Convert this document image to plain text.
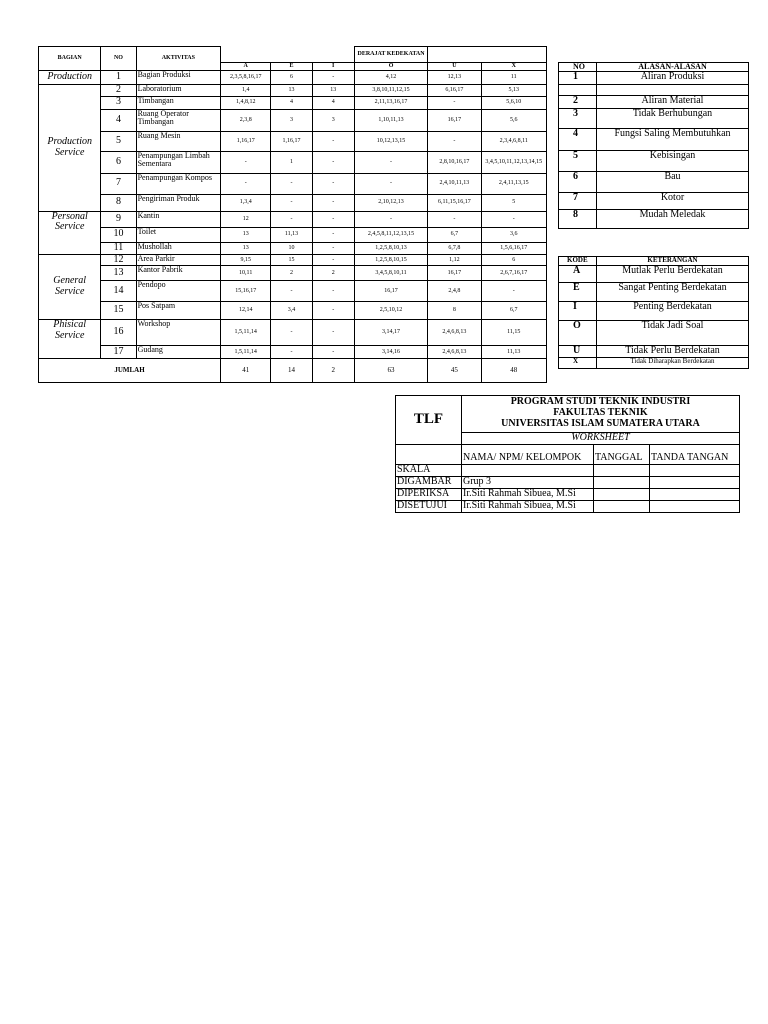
BAGIAN	NO	AKTIVITAS				DERAJAT KEDEKATAN		
			A	E	I	O	U	X
Production	1	Bagian Produksi	2,3,5,8,16,17	6	-	4,12	12,13	11
Production Service	2	Laboratorium	1,4	13	13	3,8,10,11,12,15	6,16,17	5,13
	3	Timbangan	1,4,8,12	4	4	2,11,13,16,17	-	5,6,10
	4	Ruang Operator Timbangan	2,3,8	3	3	1,10,11,13	16,17	5,6
	5	Ruang Mesin	1,16,17	1,16,17	-	10,12,13,15	-	2,3,4,6,8,11
	6	Penampungan Limbah Sementara	-	1	-	-	2,8,10,16,17	3,4,5,10,11,12,13,14,15
	7	Penampungan Kompos	-	-	-	-	2,4,10,11,13	2,4,11,13,15
	8	Pengiriman Produk	1,3,4	-	-	2,10,12,13	6,11,15,16,17	5
Personal Service	9	Kantin	12	-	-	-	-	-
	10	Toilet	13	11,13	-	2,4,5,8,11,12,13,15	6,7	3,6
	11	Mushollah	13	10	-	1,2,5,8,10,13	6,7,8	1,5,6,16,17
General Service	12	Area Parkir	9,15	15	-	1,2,5,8,10,15	1,12	6
	13	Kantor Pabrik	10,11	2	2	3,4,5,8,10,11	16,17	2,6,7,16,17
	14	Pendopo	15,16,17	-	-	16,17	2,4,8	-
	15	Pos Satpam	12,14	3,4	-	2,5,10,12	8	6,7
Phisical Service	16	Workshop	1,5,11,14	-	-	3,14,17	2,4,6,8,13	11,15
	17	Gudang	1,5,11,14	-	-	3,14,16	2,4,6,8,13	11,13
JUMLAH			41	14	2	63	45	48
NO	ALASAN-ALASAN
1	Aliran Produksi

2	Aliran Material
3	Tidak Berhubungan
4	Fungsi Saling Membutuhkan
5	Kebisingan
6	Bau
7	Kotor
8	Mudah Meledak
KODE	KETERANGAN
A	Mutlak Perlu Berdekatan
E	Sangat Penting Berdekatan
I	Penting Berdekatan
O	Tidak Jadi Soal
U	Tidak Perlu Berdekatan
X	Tidak Diharapkan Berdekatan
TLF	PROGRAM STUDI TEKNIK INDUSTRI
FAKULTAS TEKNIK
UNIVERSITAS ISLAM SUMATERA UTARA		

	WORKSHEET		
	NAMA/ NPM/ KELOMPOK	TANGGAL	TANDA TANGAN
SKALA			
DIGAMBAR	Grup 3		
DIPERIKSA	Ir.Siti Rahmah Sibuea, M.Si		
DISETUJUI	Ir.Siti Rahmah Sibuea, M.Si		
